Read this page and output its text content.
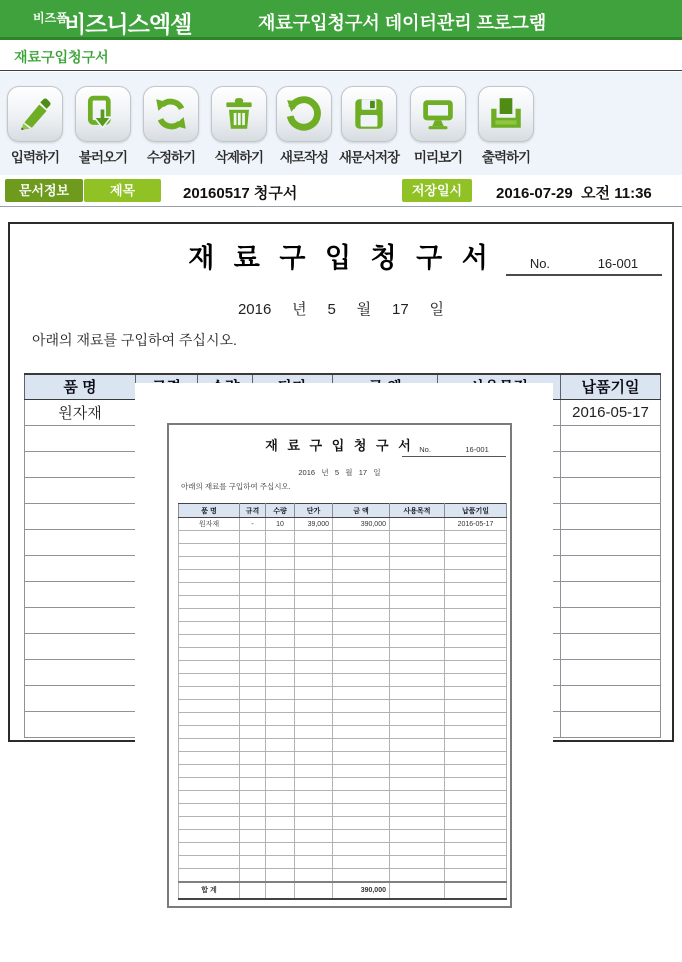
비즈폼
비즈니스엑셀	재료구입청구서 데이터관리 프로그램
재료구입청구서
입력하기	불러오기	수정하기	삭제하기	새로작성 새문서저장	미리보기	출력하기
문서정보	제목	20160517 청구서	저장일시	2016-07-29  오전 11:36
재 료 구 입 청 구 서	No.	16-001
2016     년     5     월     17     일
아래의 재료를 구입하여 주십시오.
품 명						납품기일
원자재						2016-05-17

재 료 구 입 청 구 서 No.	16-001
2016   년   5   월   17   일
아래의 재료를 구입하여 주십시오.
품 명	규격	수량	단가	금 액	사용목적	납품기일
원자재	-	10	39,000	390,000		2016-05-17

합 계				390,000		
